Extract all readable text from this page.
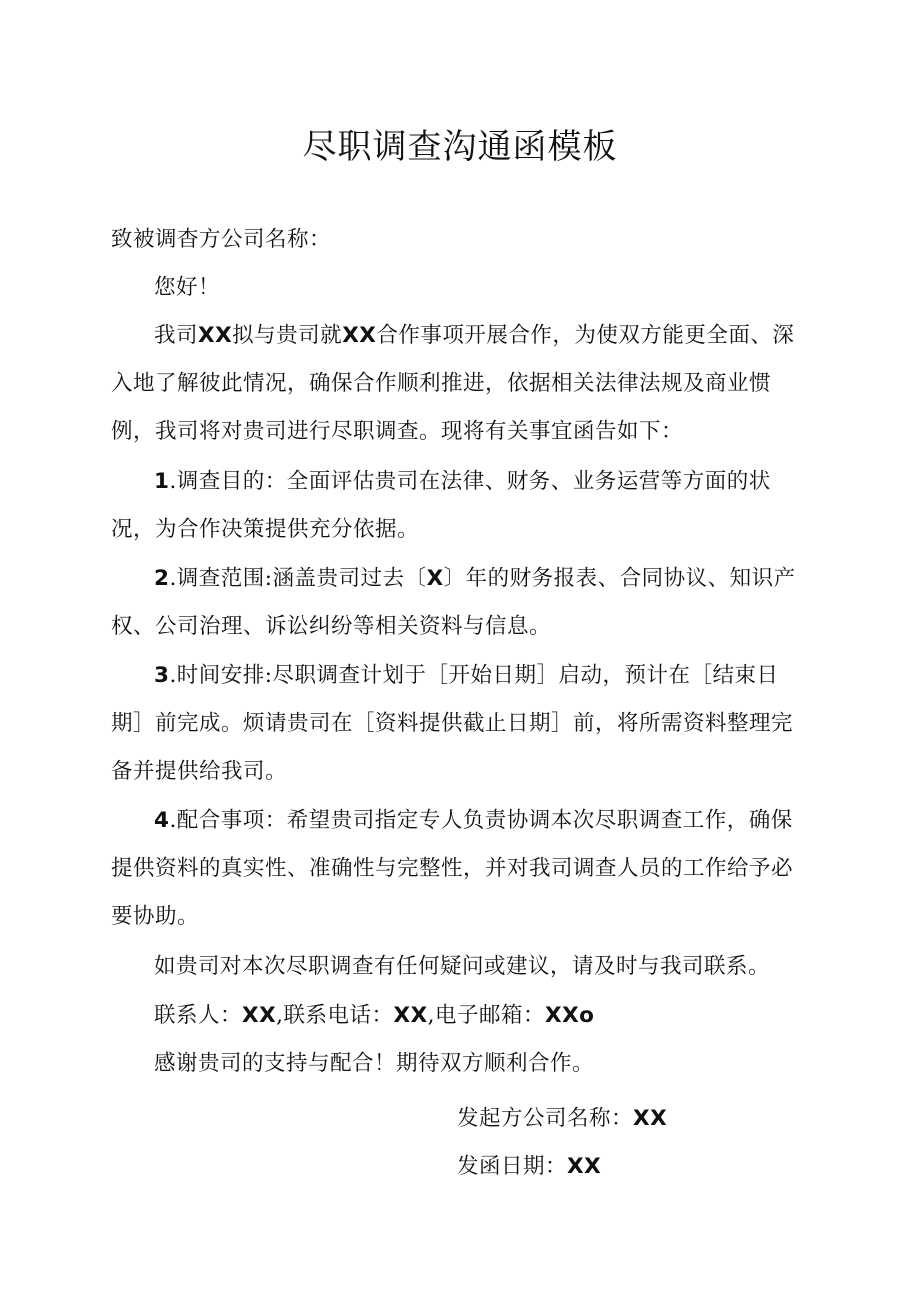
尽职调查沟通函模板
致被调杳方公司名称：
您好！
我司XX拟与贵司就XX合作事项开展合作，为使双方能更全面、深入地了解彼此情况，确保合作顺利推进，依据相关法律法规及商业惯例，我司将对贵司进行尽职调查。现将有关事宜函告如下：
1.调查目的：全面评估贵司在法律、财务、业务运营等方面的状况，为合作决策提供充分依据。
2.调查范围:涵盖贵司过去〔X〕年的财务报表、合同协议、知识产权、公司治理、诉讼纠纷等相关资料与信息。
3.时间安排:尽职调查计划于［开始日期］启动，预计在［结束日期］前完成。烦请贵司在［资料提供截止日期］前，将所需资料整理完备并提供给我司。
4.配合事项：希望贵司指定专人负责协调本次尽职调查工作，确保提供资料的真实性、准确性与完整性，并对我司调查人员的工作给予必要协助。
如贵司对本次尽职调查有任何疑问或建议，请及时与我司联系。
联系人：XX,联系电话：XX,电子邮箱：XXo
感谢贵司的支持与配合！期待双方顺利合作。
发起方公司名称：XX
发函日期：XX
